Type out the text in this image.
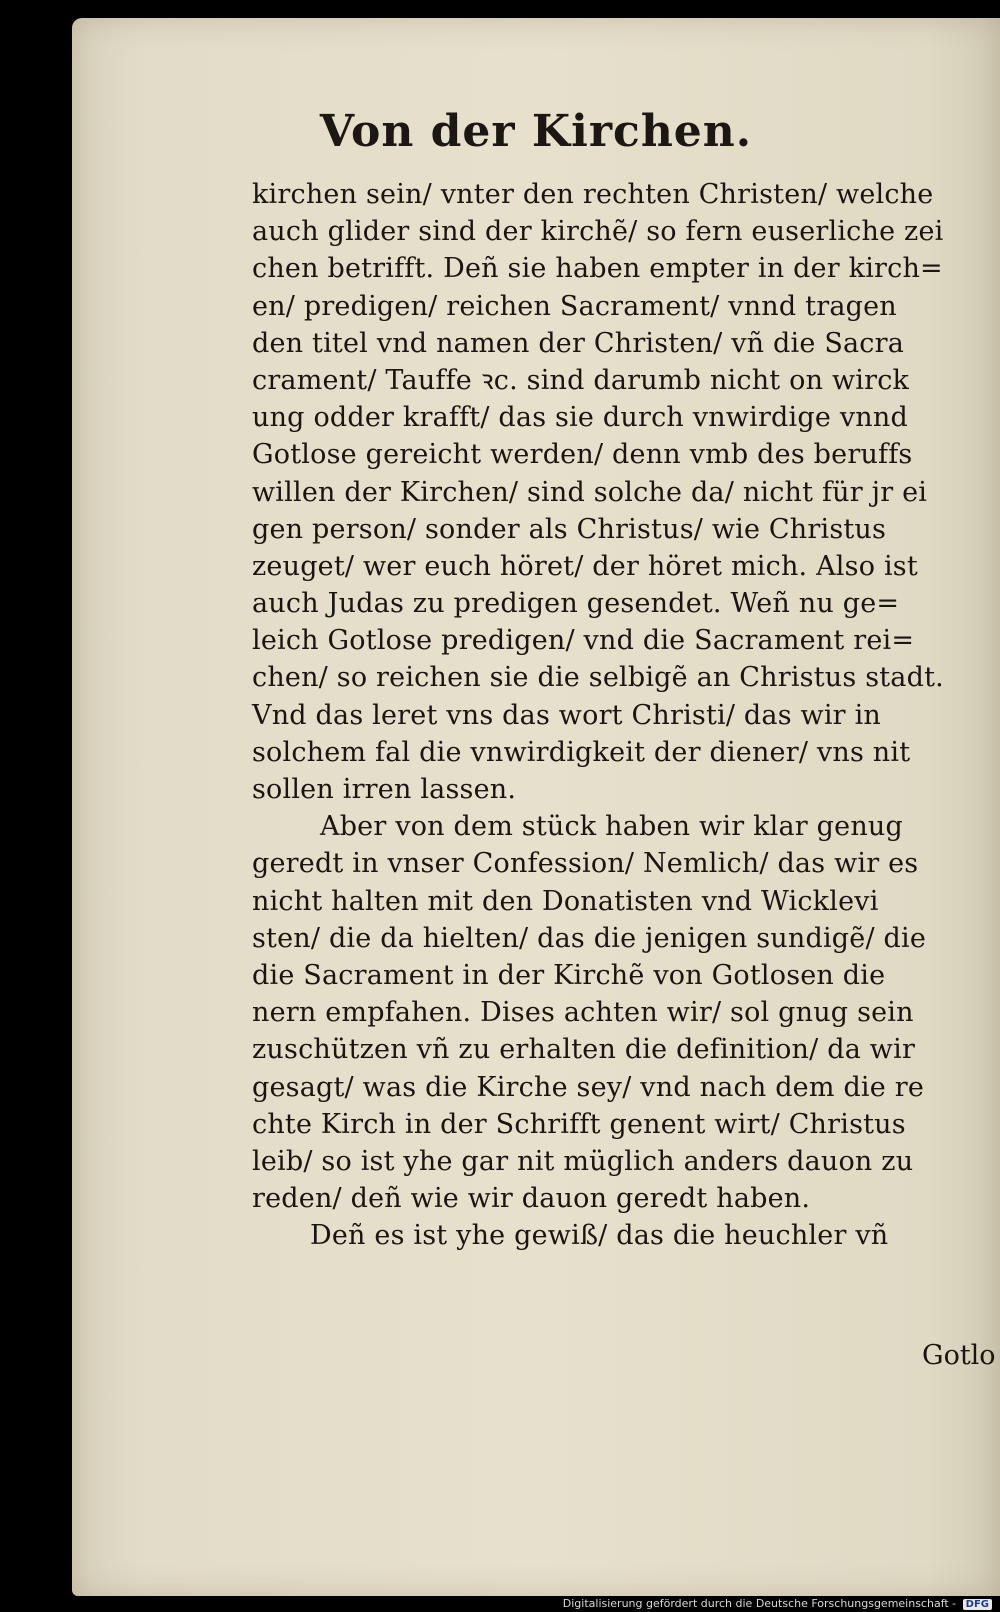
Von der Kirchen.
kirchen sein/ vnter den rechten Christen/ welche
auch glider sind der kirchẽ/ so fern euserliche zei
chen betrifft. Deñ sie haben empter in der kirch=
en/ predigen/ reichen Sacrament/ vnnd tragen
den titel vnd namen der Christen/ vñ die Sacra
crament/ Tauffe ꝛc. sind darumb nicht on wirck
ung odder krafft/ das sie durch vnwirdige vnnd
Gotlose gereicht werden/ denn vmb des beruffs
willen der Kirchen/ sind solche da/ nicht für jr ei
gen person/ sonder als Christus/ wie Christus
zeuget/ wer euch höret/ der höret mich. Also ist
auch Judas zu predigen gesendet. Weñ nu ge=
leich Gotlose predigen/ vnd die Sacrament rei=
chen/ so reichen sie die selbigẽ an Christus stadt.
Vnd das leret vns das wort Christi/ das wir in
solchem fal die vnwirdigkeit der diener/ vns nit
sollen irren lassen.
Aber von dem stück haben wir klar genug
geredt in vnser Confession/ Nemlich/ das wir es
nicht halten mit den Donatisten vnd Wicklevi
sten/ die da hielten/ das die jenigen sundigẽ/ die
die Sacrament in der Kirchẽ von Gotlosen die
nern empfahen. Dises achten wir/ sol gnug sein
zuschützen vñ zu erhalten die definition/ da wir
gesagt/ was die Kirche sey/ vnd nach dem die re
chte Kirch in der Schrifft genent wirt/ Christus
leib/ so ist yhe gar nit müglich anders dauon zu
reden/ deñ wie wir dauon geredt haben.
Deñ es ist yhe gewiß/ das die heuchler vñ
Gotlo
Digitalisierung gefördert durch die Deutsche Forschungsgemeinschaft - DFG
